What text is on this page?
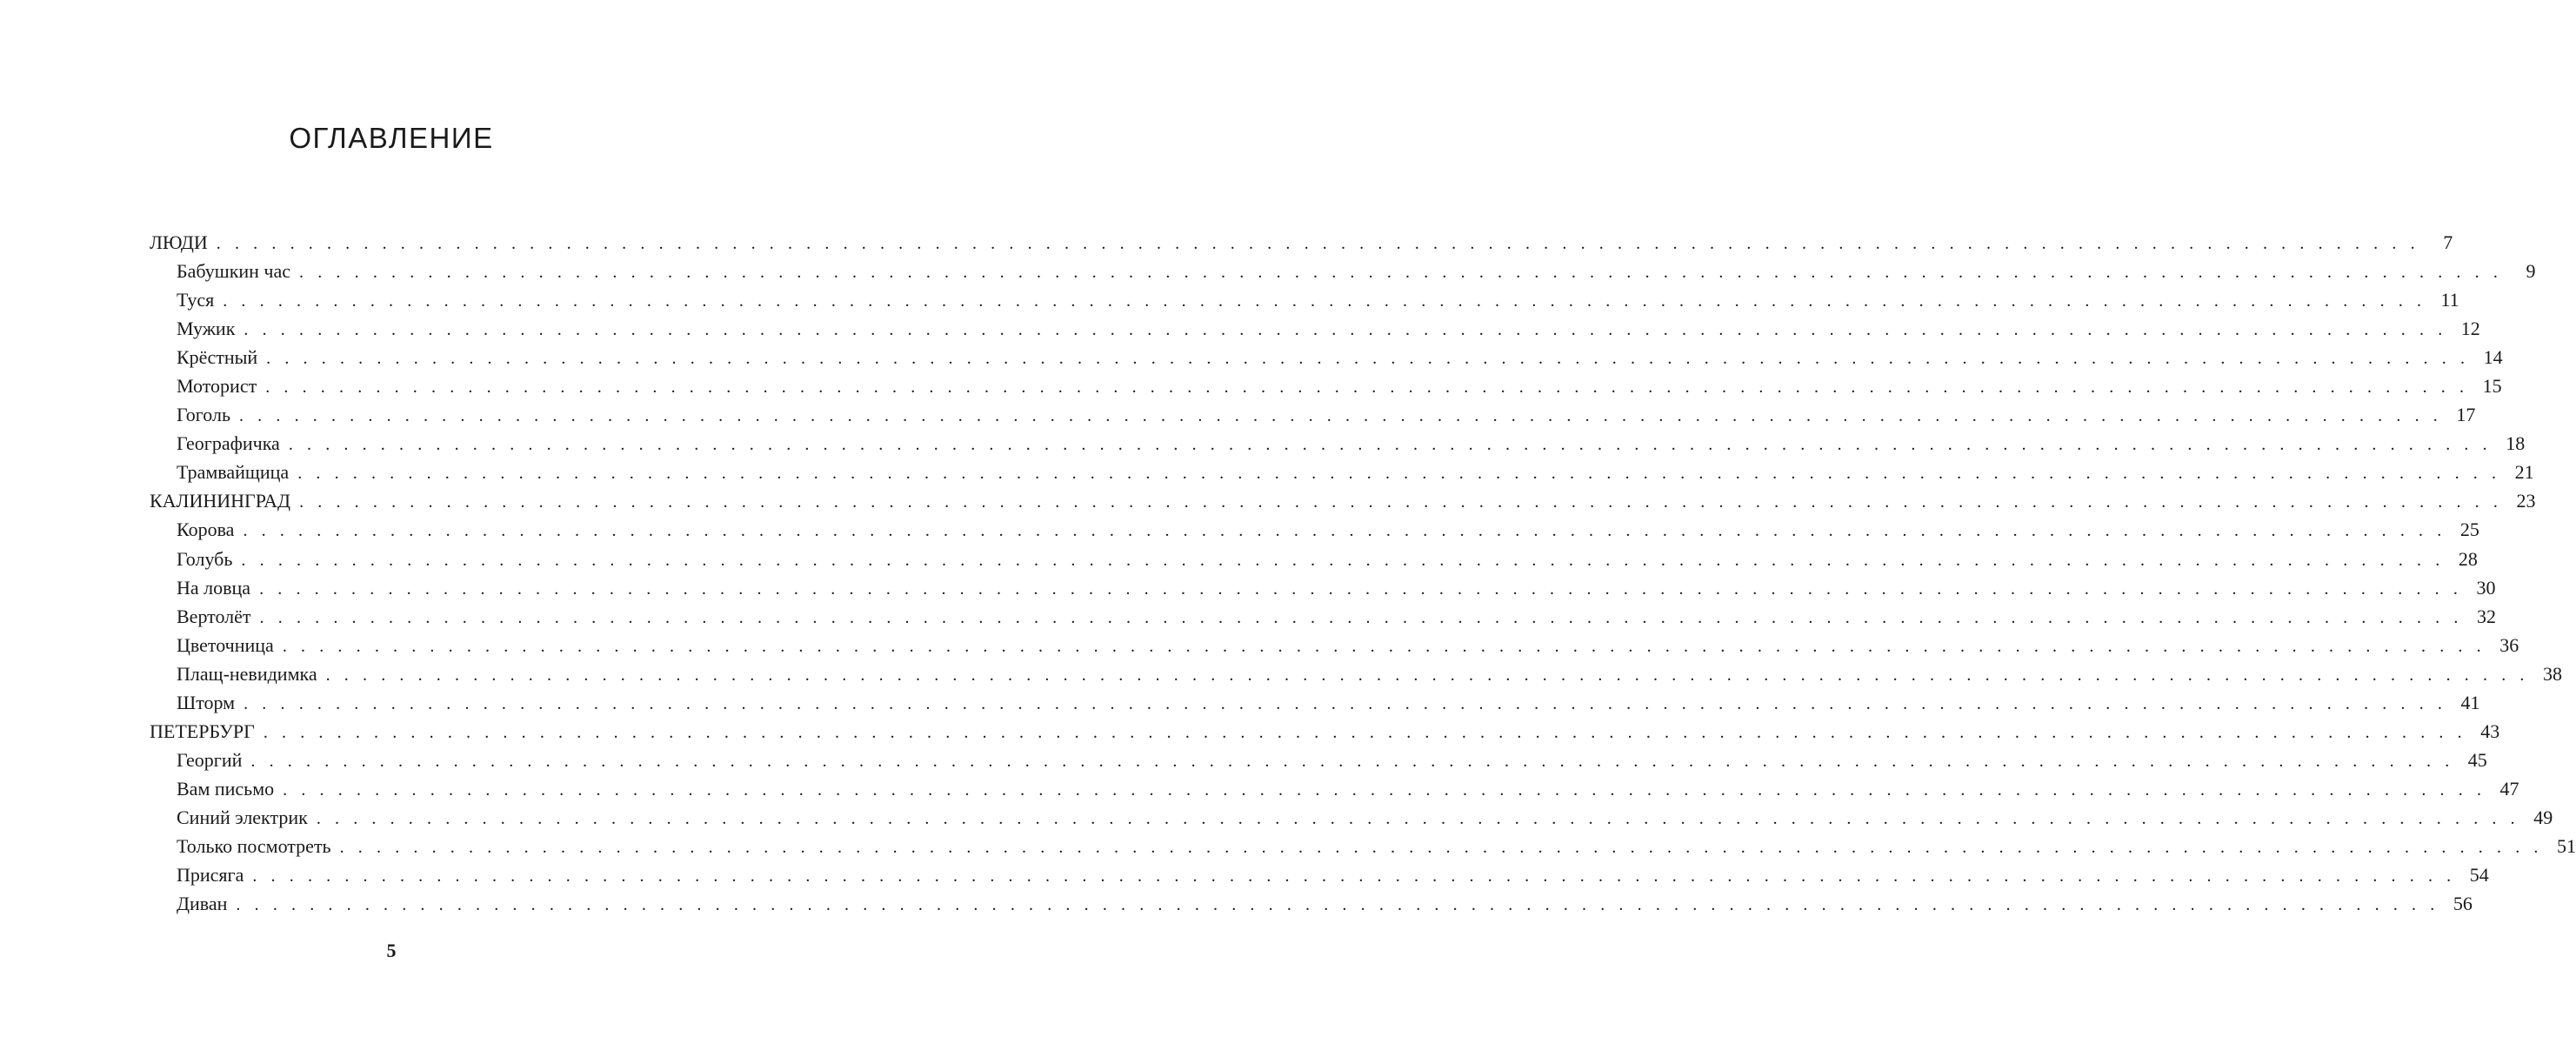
ОГЛАВЛЕНИЕ
ЛЮДИ . . . . . . . . . . . . . . . . . . . . . . . . . . . . . . . . . . . . . . . . . . . . . . . . . . . . . . . . . . . . . . . . . . . . . . . . . . . . . . . . . . . . . . . . . . . . . . . . . . . . . . . . . . . . . . . . . . . . . . . .	7
Бабушкин час . . . . . . . . . . . . . . . . . . . . . . . . . . . . . . . . . . . . . . . . . . . . . . . . . . . . . . . . . . . . . . . . . . . . . . . . . . . . . . . . . . . . . . . . . . . . . . . . . . . . . . . . . . . . . . . . . . . . . . . .	9
Туся . . . . . . . . . . . . . . . . . . . . . . . . . . . . . . . . . . . . . . . . . . . . . . . . . . . . . . . . . . . . . . . . . . . . . . . . . . . . . . . . . . . . . . . . . . . . . . . . . . . . . . . . . . . . . . . . . . . . . . . . 11
Мужик . . . . . . . . . . . . . . . . . . . . . . . . . . . . . . . . . . . . . . . . . . . . . . . . . . . . . . . . . . . . . . . . . . . . . . . . . . . . . . . . . . . . . . . . . . . . . . . . . . . . . . . . . . . . . . . . . . . . . . . . 12
Крёстный . . . . . . . . . . . . . . . . . . . . . . . . . . . . . . . . . . . . . . . . . . . . . . . . . . . . . . . . . . . . . . . . . . . . . . . . . . . . . . . . . . . . . . . . . . . . . . . . . . . . . . . . . . . . . . . . . . . . . . . . 14
Моторист . . . . . . . . . . . . . . . . . . . . . . . . . . . . . . . . . . . . . . . . . . . . . . . . . . . . . . . . . . . . . . . . . . . . . . . . . . . . . . . . . . . . . . . . . . . . . . . . . . . . . . . . . . . . . . . . . . . . . . . . 15
Гоголь . . . . . . . . . . . . . . . . . . . . . . . . . . . . . . . . . . . . . . . . . . . . . . . . . . . . . . . . . . . . . . . . . . . . . . . . . . . . . . . . . . . . . . . . . . . . . . . . . . . . . . . . . . . . . . . . . . . . . . . . 17
Географичка . . . . . . . . . . . . . . . . . . . . . . . . . . . . . . . . . . . . . . . . . . . . . . . . . . . . . . . . . . . . . . . . . . . . . . . . . . . . . . . . . . . . . . . . . . . . . . . . . . . . . . . . . . . . . . . . . . . . . . . . 18
Трамвайщица . . . . . . . . . . . . . . . . . . . . . . . . . . . . . . . . . . . . . . . . . . . . . . . . . . . . . . . . . . . . . . . . . . . . . . . . . . . . . . . . . . . . . . . . . . . . . . . . . . . . . . . . . . . . . . . . . . . . . . . . 21
КАЛИНИНГРАД . . . . . . . . . . . . . . . . . . . . . . . . . . . . . . . . . . . . . . . . . . . . . . . . . . . . . . . . . . . . . . . . . . . . . . . . . . . . . . . . . . . . . . . . . . . . . . . . . . . . . . . . . . . . . . . . . . . . . . . . 23
Корова . . . . . . . . . . . . . . . . . . . . . . . . . . . . . . . . . . . . . . . . . . . . . . . . . . . . . . . . . . . . . . . . . . . . . . . . . . . . . . . . . . . . . . . . . . . . . . . . . . . . . . . . . . . . . . . . . . . . . . . . 25
Голубь . . . . . . . . . . . . . . . . . . . . . . . . . . . . . . . . . . . . . . . . . . . . . . . . . . . . . . . . . . . . . . . . . . . . . . . . . . . . . . . . . . . . . . . . . . . . . . . . . . . . . . . . . . . . . . . . . . . . . . . . 28
На ловца . . . . . . . . . . . . . . . . . . . . . . . . . . . . . . . . . . . . . . . . . . . . . . . . . . . . . . . . . . . . . . . . . . . . . . . . . . . . . . . . . . . . . . . . . . . . . . . . . . . . . . . . . . . . . . . . . . . . . . . . 30
Вертолёт . . . . . . . . . . . . . . . . . . . . . . . . . . . . . . . . . . . . . . . . . . . . . . . . . . . . . . . . . . . . . . . . . . . . . . . . . . . . . . . . . . . . . . . . . . . . . . . . . . . . . . . . . . . . . . . . . . . . . . . . 32
Цветочница . . . . . . . . . . . . . . . . . . . . . . . . . . . . . . . . . . . . . . . . . . . . . . . . . . . . . . . . . . . . . . . . . . . . . . . . . . . . . . . . . . . . . . . . . . . . . . . . . . . . . . . . . . . . . . . . . . . . . . . . 36
Плащ-невидимка . . . . . . . . . . . . . . . . . . . . . . . . . . . . . . . . . . . . . . . . . . . . . . . . . . . . . . . . . . . . . . . . . . . . . . . . . . . . . . . . . . . . . . . . . . . . . . . . . . . . . . . . . . . . . . . . . . . . . . . . 38
Шторм . . . . . . . . . . . . . . . . . . . . . . . . . . . . . . . . . . . . . . . . . . . . . . . . . . . . . . . . . . . . . . . . . . . . . . . . . . . . . . . . . . . . . . . . . . . . . . . . . . . . . . . . . . . . . . . . . . . . . . . . 41
ПЕТЕРБУРГ . . . . . . . . . . . . . . . . . . . . . . . . . . . . . . . . . . . . . . . . . . . . . . . . . . . . . . . . . . . . . . . . . . . . . . . . . . . . . . . . . . . . . . . . . . . . . . . . . . . . . . . . . . . . . . . . . . . . . . . . 43
Георгий . . . . . . . . . . . . . . . . . . . . . . . . . . . . . . . . . . . . . . . . . . . . . . . . . . . . . . . . . . . . . . . . . . . . . . . . . . . . . . . . . . . . . . . . . . . . . . . . . . . . . . . . . . . . . . . . . . . . . . . . 45
Вам письмо . . . . . . . . . . . . . . . . . . . . . . . . . . . . . . . . . . . . . . . . . . . . . . . . . . . . . . . . . . . . . . . . . . . . . . . . . . . . . . . . . . . . . . . . . . . . . . . . . . . . . . . . . . . . . . . . . . . . . . . . 47
Синий электрик . . . . . . . . . . . . . . . . . . . . . . . . . . . . . . . . . . . . . . . . . . . . . . . . . . . . . . . . . . . . . . . . . . . . . . . . . . . . . . . . . . . . . . . . . . . . . . . . . . . . . . . . . . . . . . . . . . . . . . . . 49
Только посмотреть . . . . . . . . . . . . . . . . . . . . . . . . . . . . . . . . . . . . . . . . . . . . . . . . . . . . . . . . . . . . . . . . . . . . . . . . . . . . . . . . . . . . . . . . . . . . . . . . . . . . . . . . . . . . . . . . . . . . . . . . 51
Присяга . . . . . . . . . . . . . . . . . . . . . . . . . . . . . . . . . . . . . . . . . . . . . . . . . . . . . . . . . . . . . . . . . . . . . . . . . . . . . . . . . . . . . . . . . . . . . . . . . . . . . . . . . . . . . . . . . . . . . . . . 54
Диван . . . . . . . . . . . . . . . . . . . . . . . . . . . . . . . . . . . . . . . . . . . . . . . . . . . . . . . . . . . . . . . . . . . . . . . . . . . . . . . . . . . . . . . . . . . . . . . . . . . . . . . . . . . . . . . . . . . . . . . . 56
5
